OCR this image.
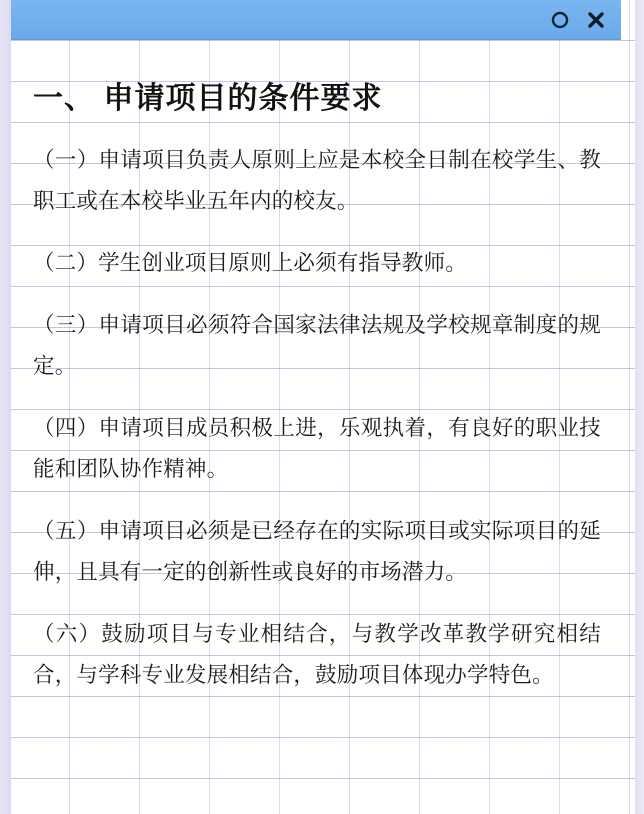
一、 申请项目的条件要求

（一）申请项目负责人原则上应是本校全日制在校学生、教职工或在本校毕业五年内的校友。

（二）学生创业项目原则上必须有指导教师。

（三）申请项目必须符合国家法律法规及学校规章制度的规定。

（四）申请项目成员积极上进，乐观执着，有良好的职业技能和团队协作精神。

（五）申请项目必须是已经存在的实际项目或实际项目的延伸，且具有一定的创新性或良好的市场潜力。

（六）鼓励项目与专业相结合，与教学改革教学研究相结合，与学科专业发展相结合，鼓励项目体现办学特色。
